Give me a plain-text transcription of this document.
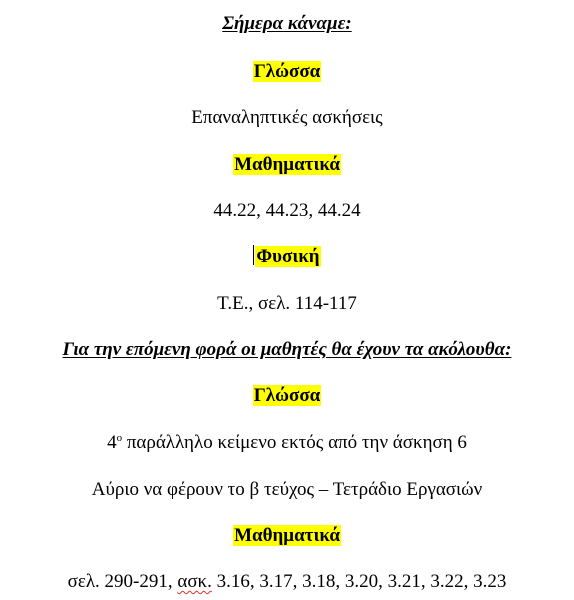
Σήμερα κάναμε:
Γλώσσα
Επαναληπτικές ασκήσεις
Μαθηματικά
44.22, 44.23, 44.24
Φυσική
Τ.Ε., σελ. 114-117
Για την επόμενη φορά οι μαθητές θα έχουν τα ακόλουθα:
Γλώσσα
$4^o$ παράλληλο κείμενο εκτός από την άσκηση 6
Αύριο να φέρουν το β τεύχος – Τετράδιο Εργασιών
Μαθηματικά
σελ. 290-291, ασκ. 3.16, 3.17, 3.18, 3.20, 3.21, 3.22, 3.23
